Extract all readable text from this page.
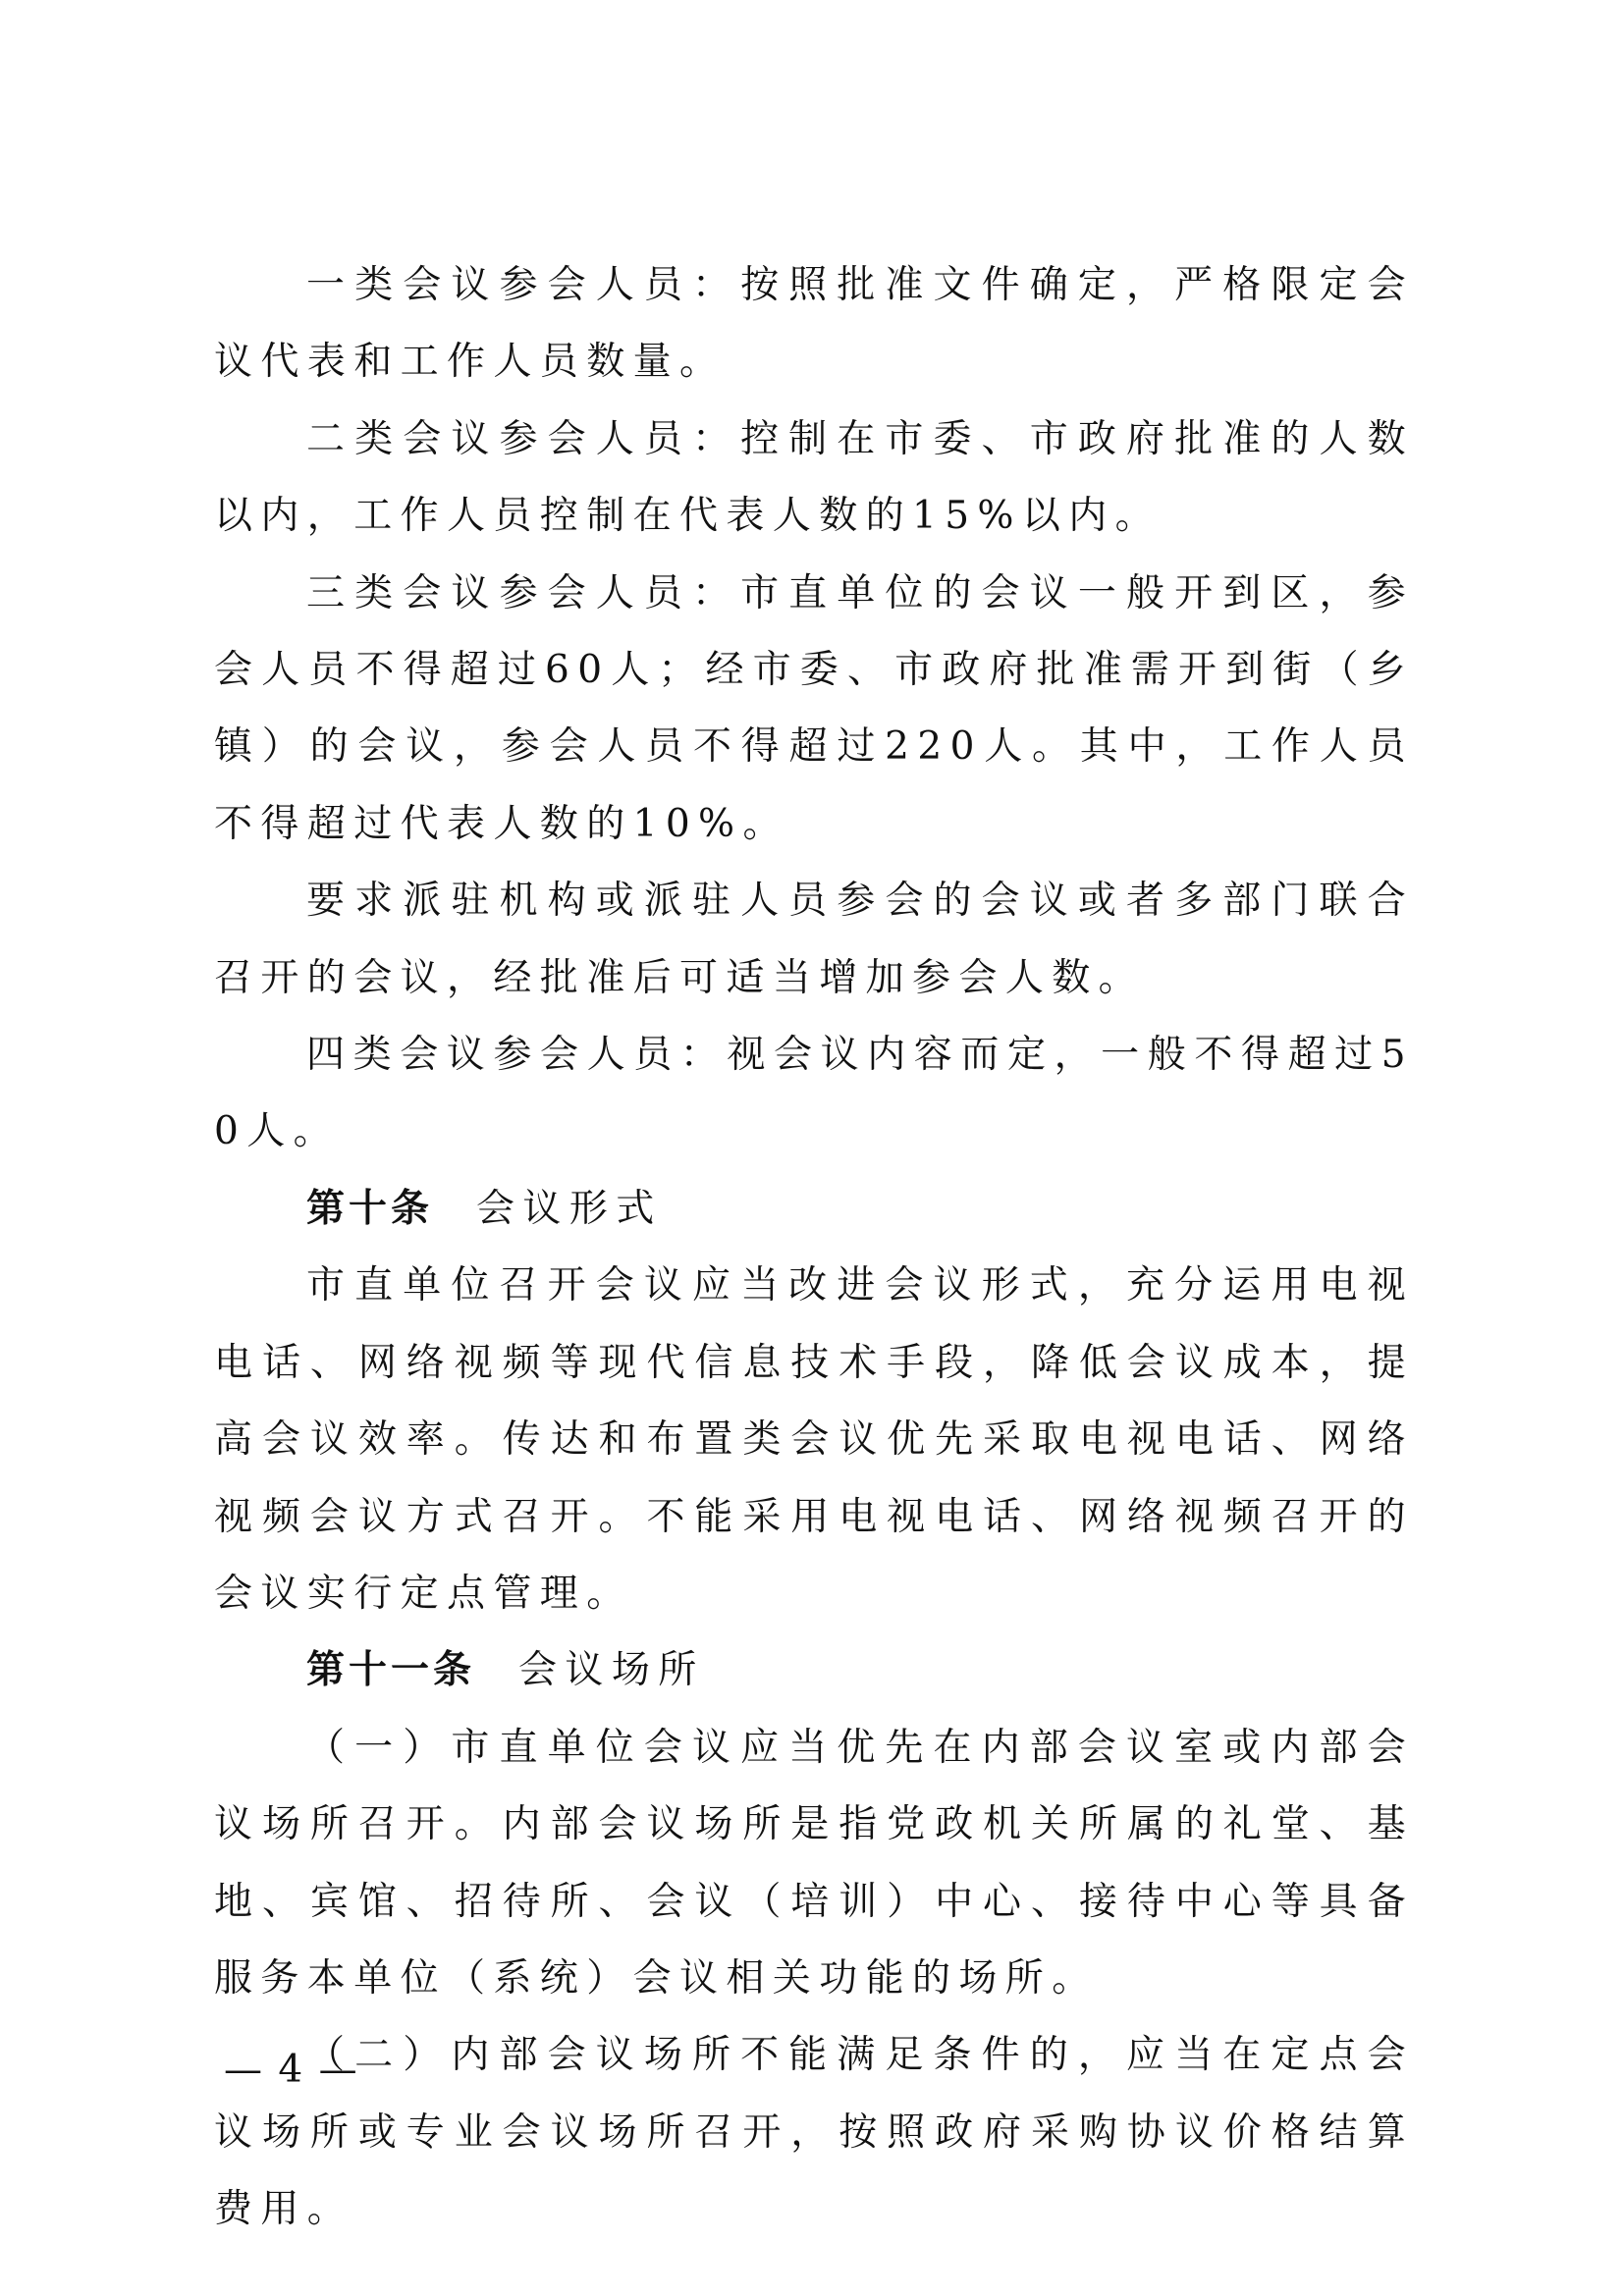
一类会议参会人员：按照批准文件确定，严格限定会议代表和工作人员数量。

二类会议参会人员：控制在市委、市政府批准的人数以内，工作人员控制在代表人数的15%以内。

三类会议参会人员：市直单位的会议一般开到区，参会人员不得超过60人；经市委、市政府批准需开到街（乡镇）的会议，参会人员不得超过220人。其中，工作人员不得超过代表人数的10%。

要求派驻机构或派驻人员参会的会议或者多部门联合召开的会议，经批准后可适当增加参会人数。

四类会议参会人员：视会议内容而定，一般不得超过50人。

第十条 会议形式

市直单位召开会议应当改进会议形式，充分运用电视电话、网络视频等现代信息技术手段，降低会议成本，提高会议效率。传达和布置类会议优先采取电视电话、网络视频会议方式召开。不能采用电视电话、网络视频召开的会议实行定点管理。

第十一条 会议场所

（一）市直单位会议应当优先在内部会议室或内部会议场所召开。内部会议场所是指党政机关所属的礼堂、基地、宾馆、招待所、会议（培训）中心、接待中心等具备服务本单位（系统）会议相关功能的场所。

（二）内部会议场所不能满足条件的，应当在定点会议场所或专业会议场所召开，按照政府采购协议价格结算费用。

— 4 —
